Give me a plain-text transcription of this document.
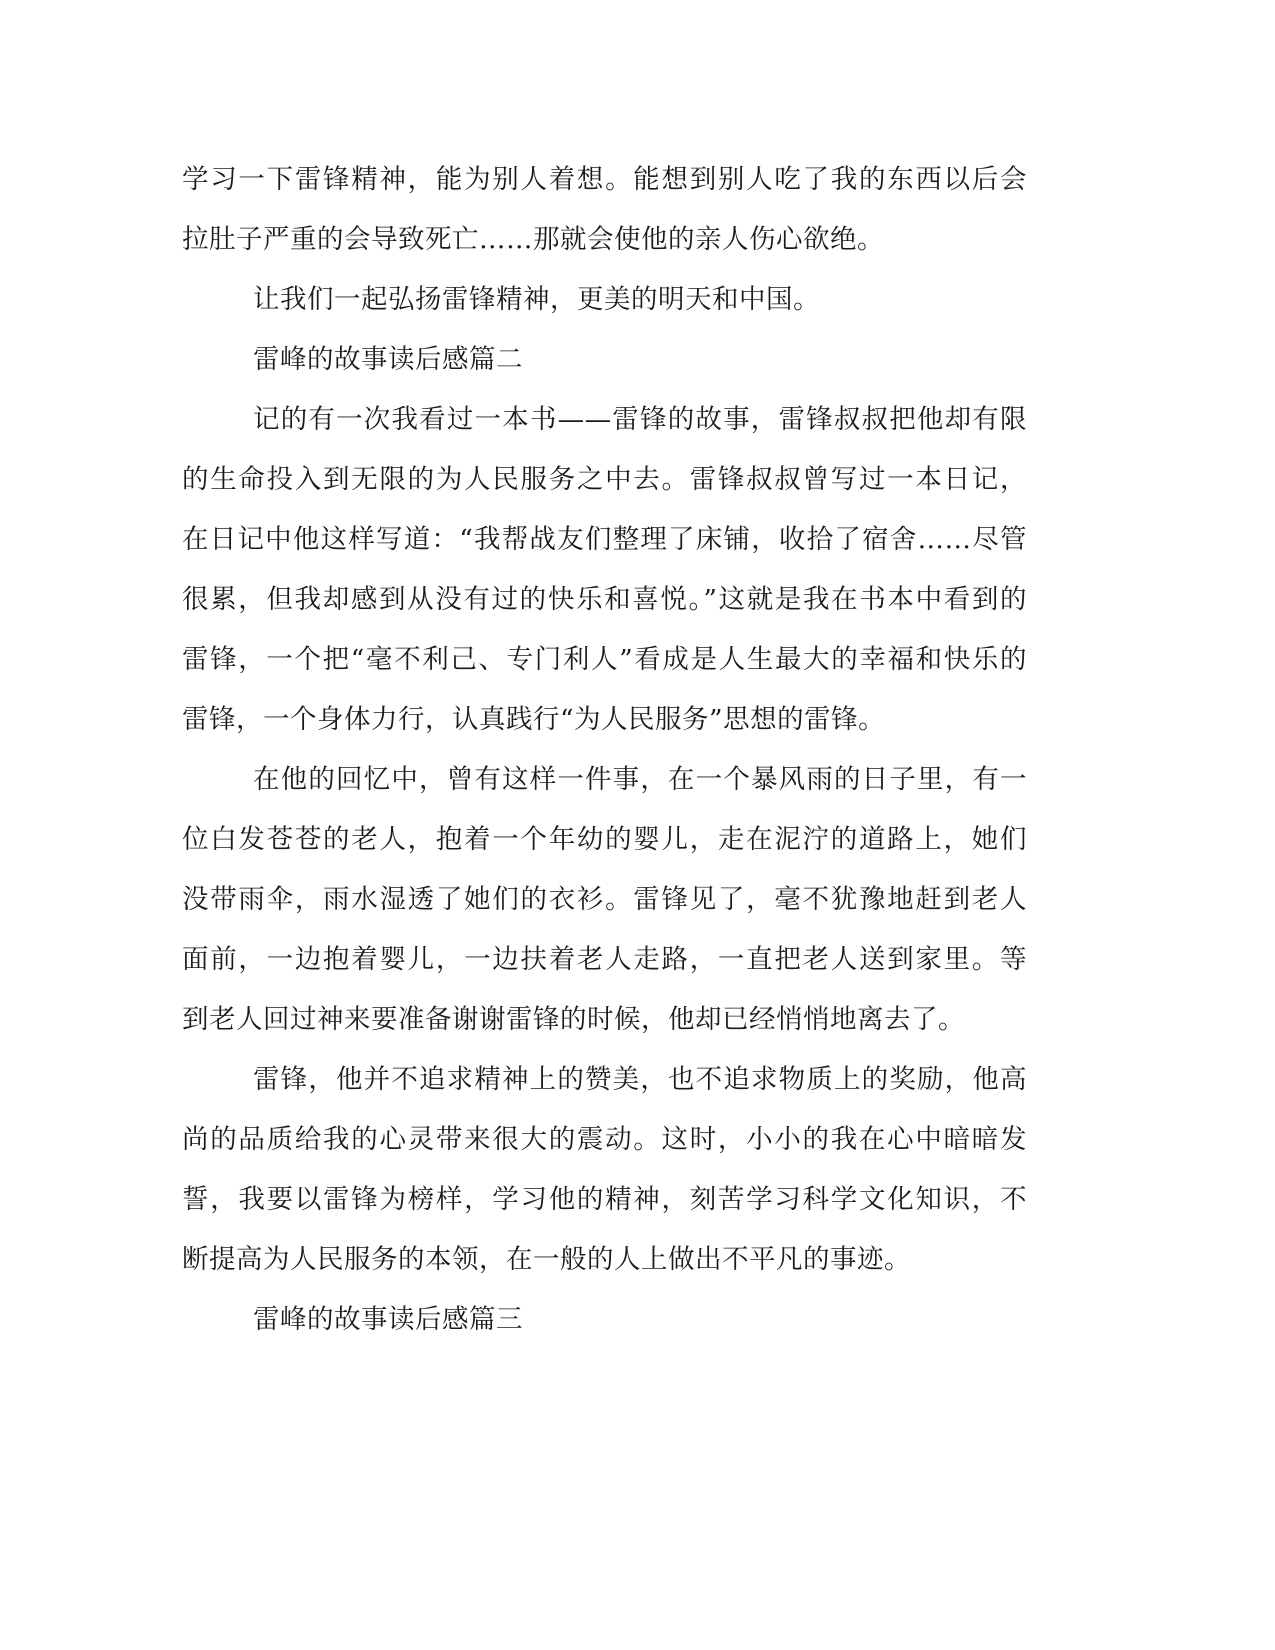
学习一下雷锋精神，能为别人着想。能想到别人吃了我的东西以后会
拉肚子严重的会导致死亡……那就会使他的亲人伤心欲绝。

让我们一起弘扬雷锋精神，更美的明天和中国。

雷峰的故事读后感篇二

记的有一次我看过一本书——雷锋的故事，雷锋叔叔把他却有限
的生命投入到无限的为人民服务之中去。雷锋叔叔曾写过一本日记，
在日记中他这样写道：“我帮战友们整理了床铺，收拾了宿舍……尽管
很累，但我却感到从没有过的快乐和喜悦。”这就是我在书本中看到的
雷锋，一个把“毫不利己、专门利人”看成是人生最大的幸福和快乐的
雷锋，一个身体力行，认真践行“为人民服务”思想的雷锋。

在他的回忆中，曾有这样一件事，在一个暴风雨的日子里，有一
位白发苍苍的老人，抱着一个年幼的婴儿，走在泥泞的道路上，她们
没带雨伞，雨水湿透了她们的衣衫。雷锋见了，毫不犹豫地赶到老人
面前，一边抱着婴儿，一边扶着老人走路，一直把老人送到家里。等
到老人回过神来要准备谢谢雷锋的时候，他却已经悄悄地离去了。

雷锋，他并不追求精神上的赞美，也不追求物质上的奖励，他高
尚的品质给我的心灵带来很大的震动。这时，小小的我在心中暗暗发
誓，我要以雷锋为榜样，学习他的精神，刻苦学习科学文化知识，不
断提高为人民服务的本领，在一般的人上做出不平凡的事迹。

雷峰的故事读后感篇三
